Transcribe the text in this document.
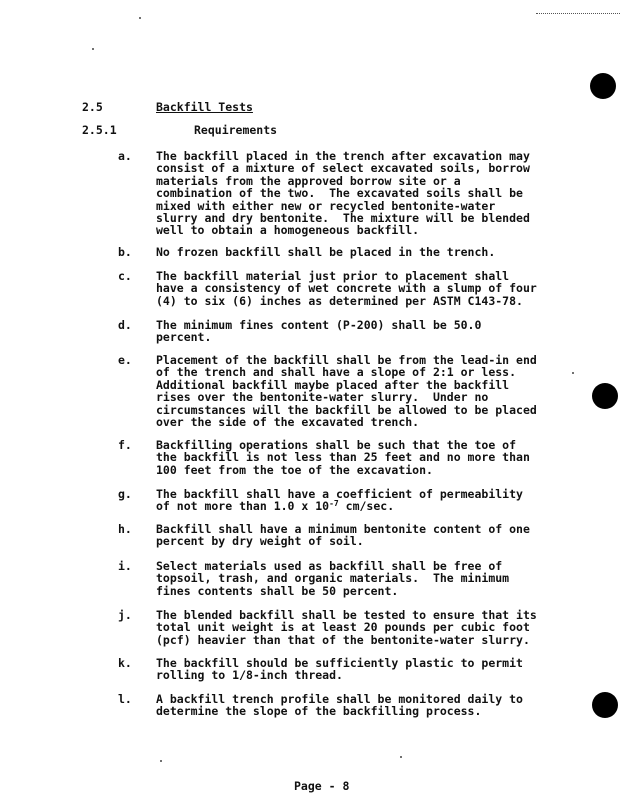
2.5	Backfill Tests
2.5.1	Requirements
a. The backfill placed in the trench after excavation may
consist of a mixture of select excavated soils, borrow
materials from the approved borrow site or a
combination of the two.  The excavated soils shall be
mixed with either new or recycled bentonite-water
slurry and dry bentonite.  The mixture will be blended
well to obtain a homogeneous backfill.
b. No frozen backfill shall be placed in the trench.
c. The backfill material just prior to placement shall
have a consistency of wet concrete with a slump of four
(4) to six (6) inches as determined per ASTM C143-78.
d. The minimum fines content (P-200) shall be 50.0
percent.
e. Placement of the backfill shall be from the lead-in end
of the trench and shall have a slope of 2:1 or less.
Additional backfill maybe placed after the backfill
rises over the bentonite-water slurry.  Under no
circumstances will the backfill be allowed to be placed
over the side of the excavated trench.
f. Backfilling operations shall be such that the toe of
the backfill is not less than 25 feet and no more than
100 feet from the toe of the excavation.
g. The backfill shall have a coefficient of permeability
of not more than 1.0 x $10^{-7}$ cm/sec.
h. Backfill shall have a minimum bentonite content of one
percent by dry weight of soil.
i. Select materials used as backfill shall be free of
topsoil, trash, and organic materials.  The minimum
fines contents shall be 50 percent.
j. The blended backfill shall be tested to ensure that its
total unit weight is at least 20 pounds per cubic foot
(pcf) heavier than that of the bentonite-water slurry.
k. The backfill should be sufficiently plastic to permit
rolling to 1/8-inch thread.
l. A backfill trench profile shall be monitored daily to
determine the slope of the backfilling process.
Page - 8
